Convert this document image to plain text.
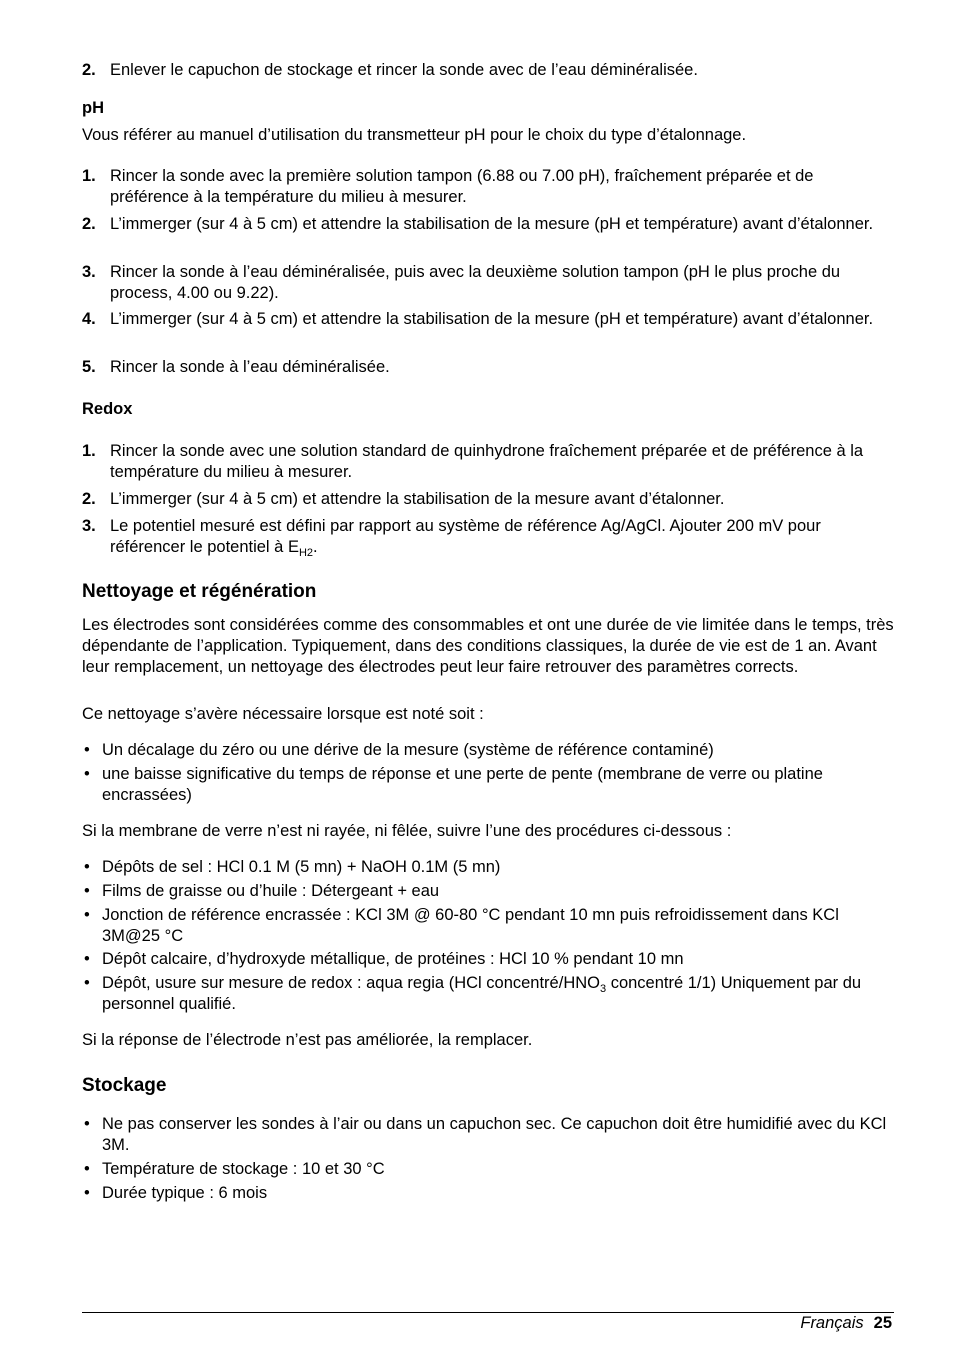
2. Enlever le capuchon de stockage et rincer la sonde avec de l’eau déminéralisée.
pH
Vous référer au manuel d’utilisation du transmetteur pH pour le choix du type d’étalonnage.
1. Rincer la sonde avec la première solution tampon (6.88 ou 7.00 pH), fraîchement préparée et de préférence à la température du milieu à mesurer.
2. L’immerger (sur 4 à 5 cm) et attendre la stabilisation de la mesure (pH et température) avant d’étalonner.
3. Rincer la sonde à l’eau déminéralisée, puis avec la deuxième solution tampon (pH le plus proche du process, 4.00 ou 9.22).
4. L’immerger (sur 4 à 5 cm) et attendre la stabilisation de la mesure (pH et température) avant d’étalonner.
5. Rincer la sonde à l’eau déminéralisée.
Redox
1. Rincer la sonde avec une solution standard de quinhydrone fraîchement préparée et de préférence à la température du milieu à mesurer.
2. L’immerger (sur 4 à 5 cm) et attendre la stabilisation de la mesure avant d’étalonner.
3. Le potentiel mesuré est défini par rapport au système de référence Ag/AgCl. Ajouter 200 mV pour référencer le potentiel à $E_{H2}$.
Nettoyage et régénération
Les électrodes sont considérées comme des consommables et ont une durée de vie limitée dans le temps, très dépendante de l’application. Typiquement, dans des conditions classiques, la durée de vie est de 1 an. Avant leur remplacement, un nettoyage des électrodes peut leur faire retrouver des paramètres corrects.
Ce nettoyage s’avère nécessaire lorsque est noté soit :
• Un décalage du zéro ou une dérive de la mesure (système de référence contaminé)
• une baisse significative du temps de réponse et une perte de pente (membrane de verre ou platine encrassées)
Si la membrane de verre n’est ni rayée, ni fêlée, suivre l’une des procédures ci-dessous :
• Dépôts de sel : HCl 0.1 M (5 mn) + NaOH 0.1M (5 mn)
• Films de graisse ou d’huile : Détergeant + eau
• Jonction de référence encrassée : KCl 3M @ 60-80 °C pendant 10 mn puis refroidissement dans KCl 3M@25 °C
• Dépôt calcaire, d’hydroxyde métallique, de protéines : HCl 10 % pendant 10 mn
• Dépôt, usure sur mesure de redox : aqua regia (HCl concentré/$HNO_3$ concentré 1/1) Uniquement par du personnel qualifié.
Si la réponse de l’électrode n’est pas améliorée, la remplacer.
Stockage
• Ne pas conserver les sondes à l’air ou dans un capuchon sec. Ce capuchon doit être humidifié avec du KCl 3M.
• Température de stockage : 10 et 30 °C
• Durée typique : 6 mois
Français 25
